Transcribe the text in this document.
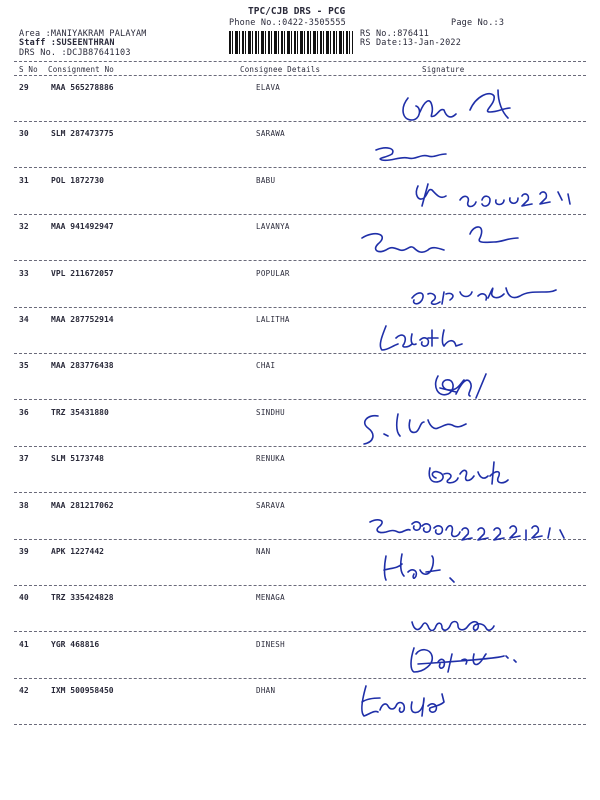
TPC/CJB DRS - PCG
Phone No.:0422-3505555	Page No.:3
Area :MANIYAKRAM PALAYAM
Staff :SUSEENTHRAN
DRS No. :DCJB87641103
RS No.:876411
RS Date:13-Jan-2022
S No Consignment No	Consignee Details	Signature
29	MAA 565278886	ELAVA
30	SLM 287473775	SARAWA
31	POL 1872730	BABU
32	MAA 941492947	LAVANYA
33	VPL 211672057	POPULAR
34	MAA 287752914	LALITHA
35	MAA 283776438	CHAI
36	TRZ 35431880	SINDHU
37	SLM 5173748	RENUKA
38	MAA 281217062	SARAVA
39	APK 1227442	NAN
40	TRZ 335424828	MENAGA
41	YGR 468816	DINESH
42	IXM 500958450	DHAN
